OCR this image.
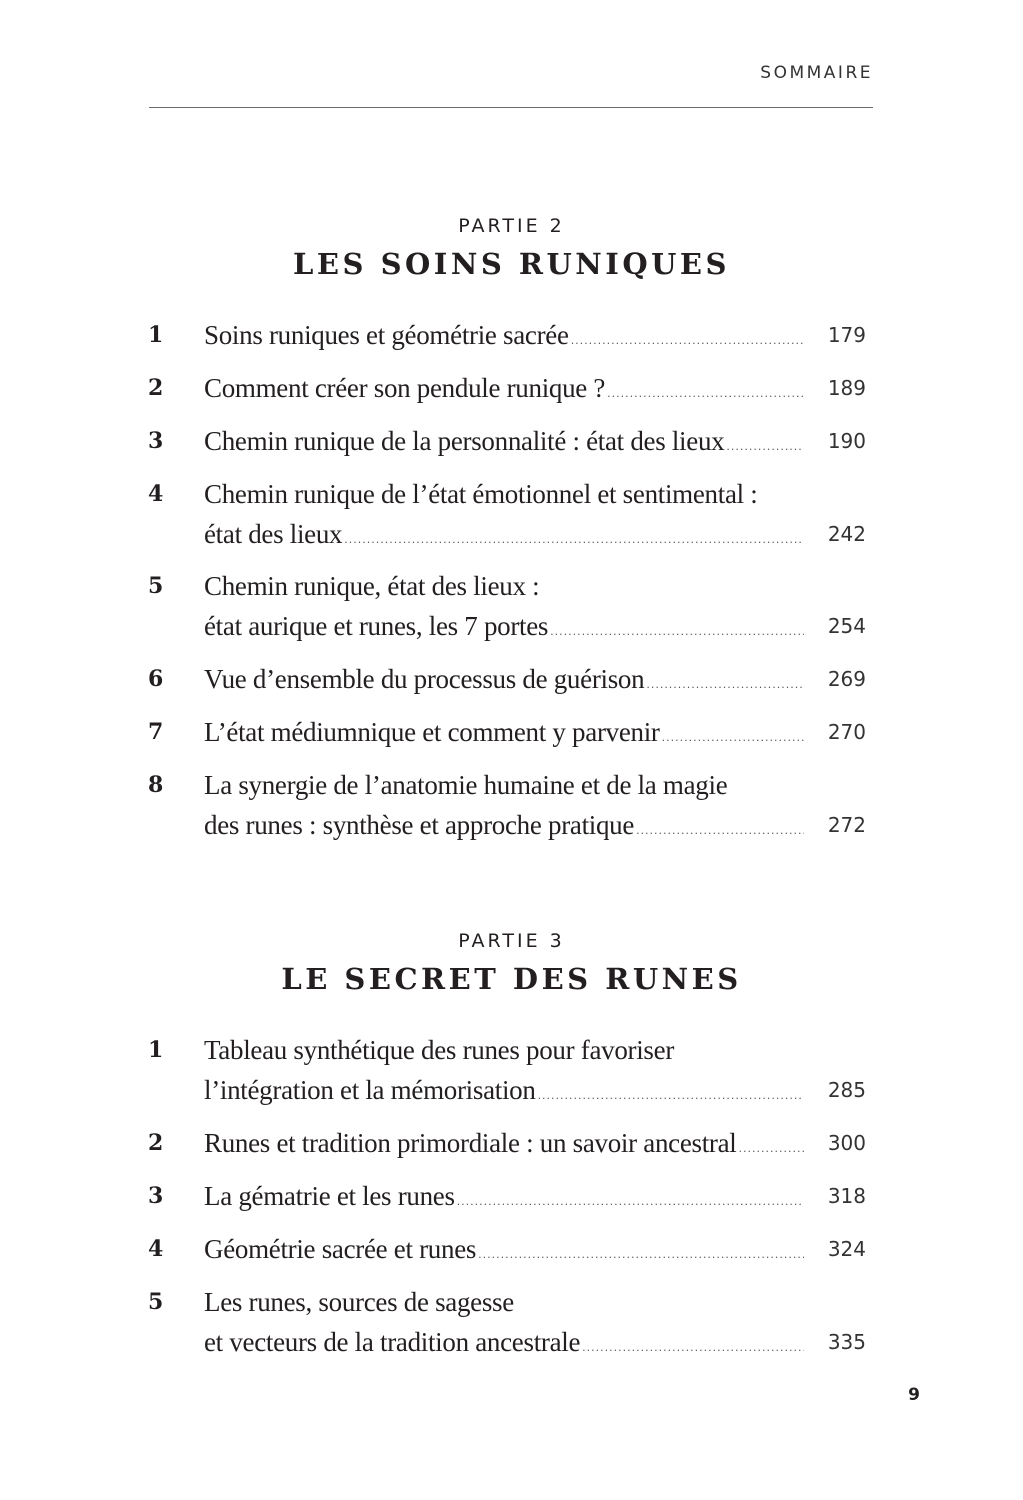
SOMMAIRE
PARTIE 2
LES SOINS RUNIQUES
1 Soins runiques et géométrie sacrée .....	179
2 Comment créer son pendule runique ? .....	189
3 Chemin runique de la personnalité : état des lieux .....	190
4 Chemin runique de l’état émotionnel et sentimental :
état des lieux .....	242
5 Chemin runique, état des lieux :
état aurique et runes, les 7 portes .....	254
6 Vue d’ensemble du processus de guérison .....	269
7 L’état médiumnique et comment y parvenir .....	270
8 La synergie de l’anatomie humaine et de la magie
des runes : synthèse et approche pratique .....	272
PARTIE 3
LE SECRET DES RUNES
1 Tableau synthétique des runes pour favoriser
l’intégration et la mémorisation .....	285
2 Runes et tradition primordiale : un savoir ancestral .....	300
3 La gématrie et les runes .....	318
4 Géométrie sacrée et runes .....	324
5 Les runes, sources de sagesse
et vecteurs de la tradition ancestrale .....	335
9
